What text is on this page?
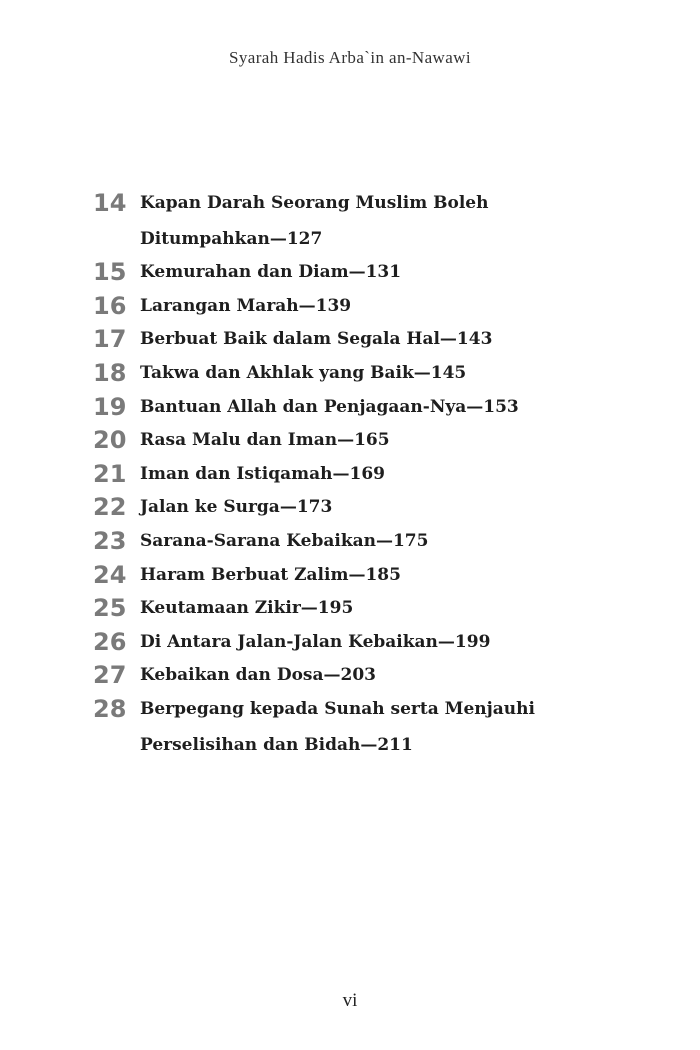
Syarah Hadis Arba`in an-Nawawi
14 Kapan Darah Seorang Muslim Boleh
Ditumpahkan—127
15 Kemurahan dan Diam—131
16 Larangan Marah—139
17 Berbuat Baik dalam Segala Hal—143
18 Takwa dan Akhlak yang Baik—145
19 Bantuan Allah dan Penjagaan-Nya—153
20 Rasa Malu dan Iman—165
21 Iman dan Istiqamah—169
22 Jalan ke Surga—173
23 Sarana-Sarana Kebaikan—175
24 Haram Berbuat Zalim—185
25 Keutamaan Zikir—195
26 Di Antara Jalan-Jalan Kebaikan—199
27 Kebaikan dan Dosa—203
28 Berpegang kepada Sunah serta Menjauhi
Perselisihan dan Bidah—211
vi
